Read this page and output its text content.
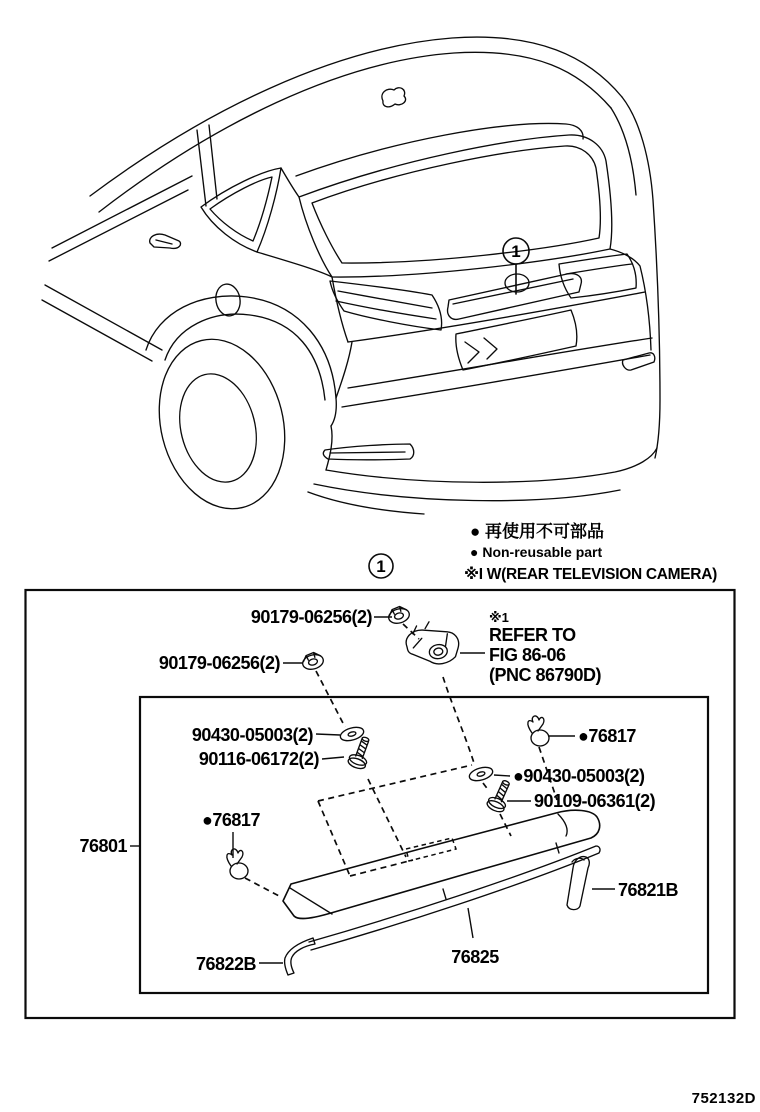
1
● 再使用不可部品
● Non-reusable part
※I W(REAR TELEVISION CAMERA)
1
90179-06256(2)
90179-06256(2)
※1
REFER TO
FIG 86-06
(PNC 86790D)
90430-05003(2)
90116-06172(2)
●76817
●90430-05003(2)
90109-06361(2)
●76817
76801
76821B
76822B	76825
752132D
